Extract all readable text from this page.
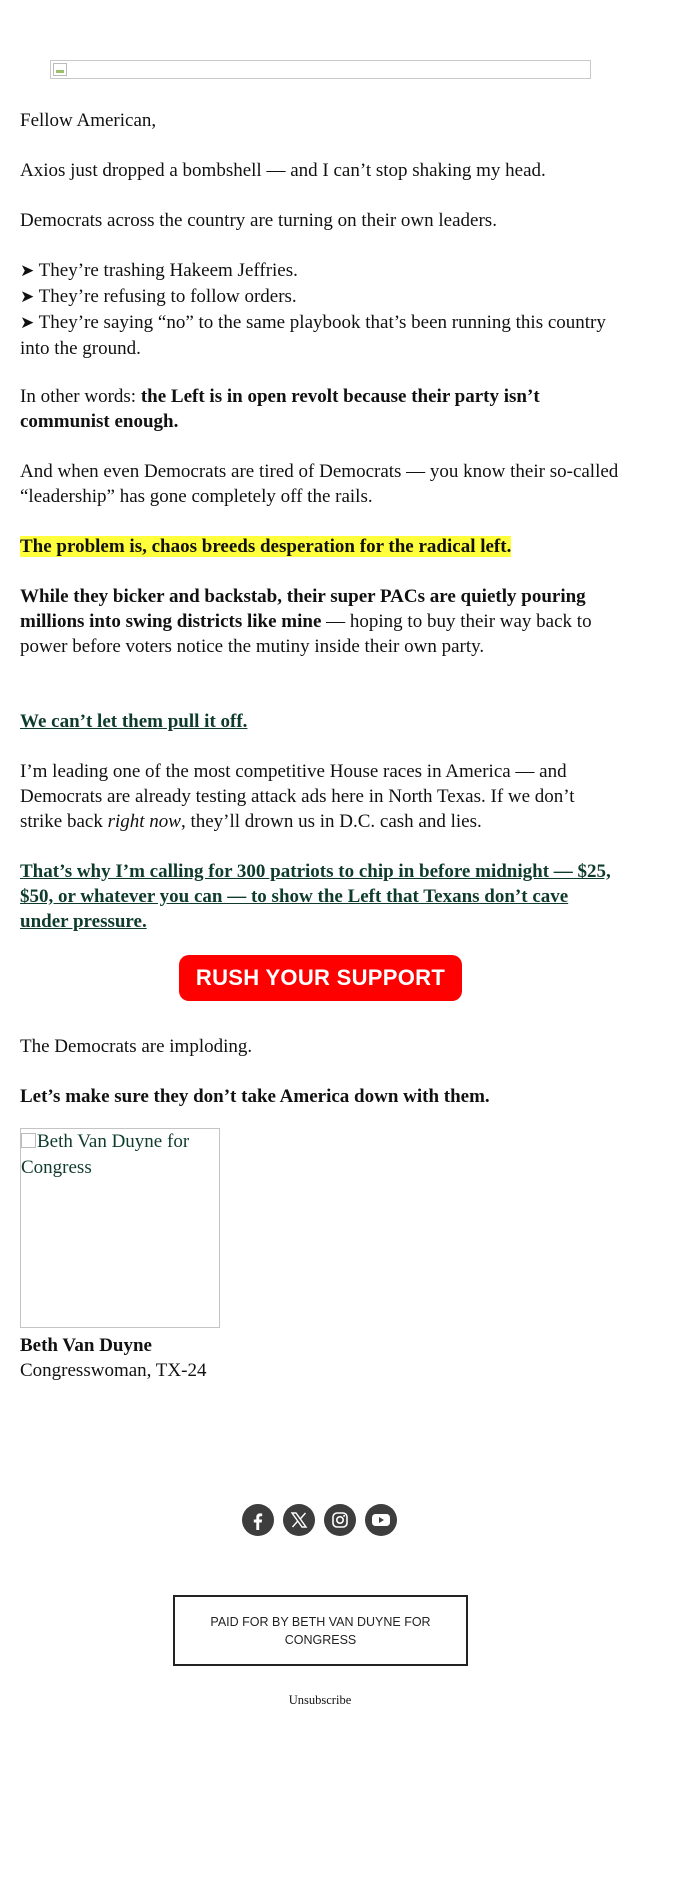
Fellow American,

Axios just dropped a bombshell — and I can’t stop shaking my head.

Democrats across the country are turning on their own leaders.

➤ They’re trashing Hakeem Jeffries.

➤ They’re refusing to follow orders.

➤ They’re saying “no” to the same playbook that’s been running this country into the ground.

In other words: the Left is in open revolt because their party isn’t communist enough.

And when even Democrats are tired of Democrats — you know their so-called “leadership” has gone completely off the rails.

The problem is, chaos breeds desperation for the radical left.

While they bicker and backstab, their super PACs are quietly pouring millions into swing districts like mine — hoping to buy their way back to power before voters notice the mutiny inside their own party.

We can’t let them pull it off.

I’m leading one of the most competitive House races in America — and Democrats are already testing attack ads here in North Texas. If we don’t strike back right now, they’ll drown us in D.C. cash and lies.

That’s why I’m calling for 300 patriots to chip in before midnight — $25, $50, or whatever you can — to show the Left that Texans don’t cave under pressure.

RUSH YOUR SUPPORT

The Democrats are imploding.

Let’s make sure they don’t take America down with them.

Beth Van Duyne for Congress

Beth Van Duyne

Congresswoman, TX-24

PAID FOR BY BETH VAN DUYNE FOR CONGRESS
Unsubscribe
